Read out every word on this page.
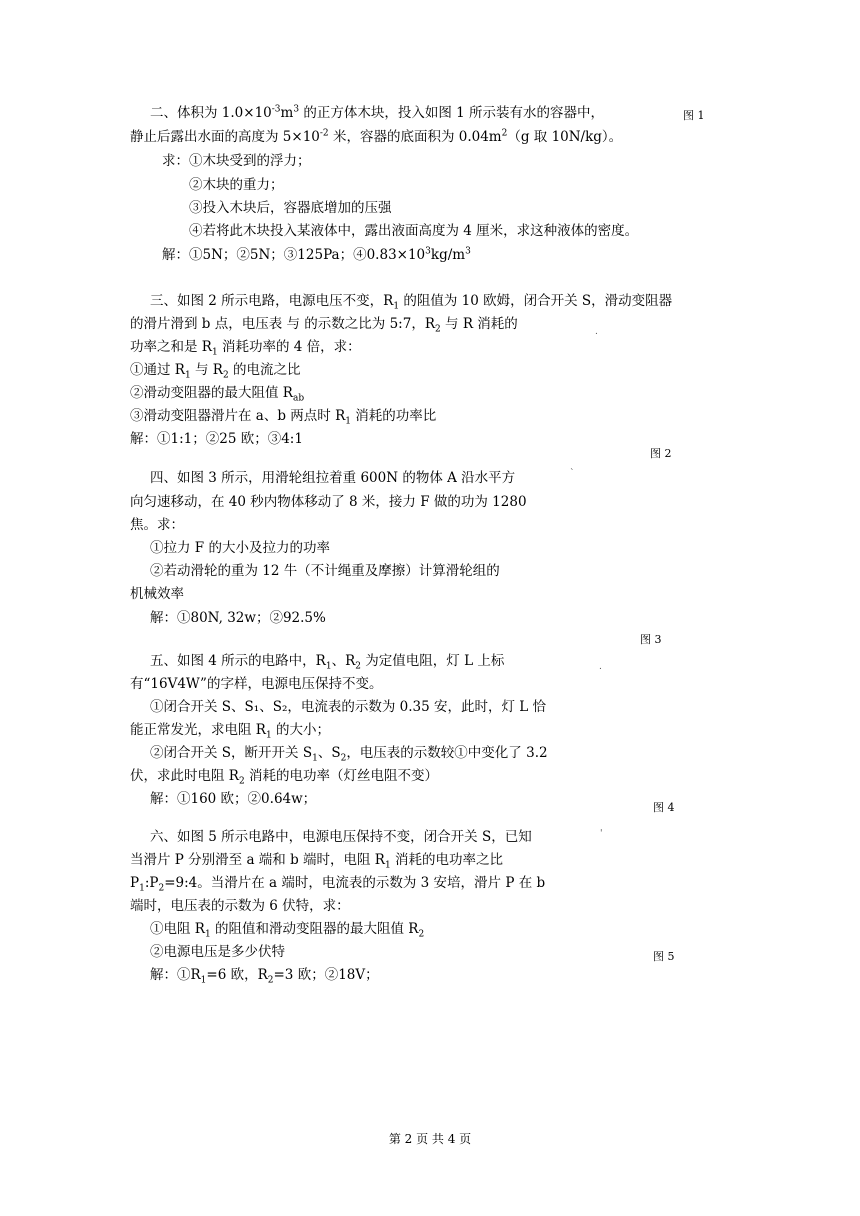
二、体积为 $1.0\times 10^{-3}m^3$ 的正方体木块，投入如图 1 所示装有水的容器中，	图 1
静止后露出水面的高度为 $5\times 10^{-2}$ 米，容器的底面积为 $0.04m^2(g$ 取 10N/kg）。
求：①木块受到的浮力；
②木块的重力；
③投入木块后，容器底增加的压强
④若将此木块投入某液体中，露出液面高度为 4 厘米，求这种液体的密度。
解：①5N；②5N；③125Pa；$④0.83\times 10^3kg/m^3$
三、如图 2 所示电路，电源电压不变，$R_1$ 的阻值为 10 欧姆，闭合开关 S，滑动变阻器
的滑片滑到 b 点，电压表 与 的示数之比为 5:7，$R_2$ 与 R 消耗的	.
功率之和是 $R_1$ 消耗功率的 4 倍，求：
①通过 $R_1$ 与 $R_2$ 的电流之比
②滑动变阻器的最大阻值 $R_{ab}$
③滑动变阻器滑片在 a、b 两点时 $R_1$ 消耗的功率比
解：①1:1；②25 欧；③4:1
图 2
四、如图 3 所示，用滑轮组拉着重 600N 的物体 A 沿水平方	`
向匀速移动，在 40 秒内物体移动了 8 米，接力 F 做的功为 1280
焦。求：
①拉力 F 的大小及拉力的功率
②若动滑轮的重为 12 牛（不计绳重及摩擦）计算滑轮组的
机械效率
解：①80N, 32w；②92.5%
图 3
五、如图 4 所示的电路中，$R_1$、$R_2$ 为定值电阻，灯 L 上标	.
有“16V4W”的字样，电源电压保持不变。
①闭合开关 S、S₁、S₂，电流表的示数为 0.35 安，此时，灯 L 恰
能正常发光，求电阻 $R_1$ 的大小；
②闭合开关 S，断开开关 $S_1$、$S_2$，电压表的示数较①中变化了 3.2
伏，求此时电阻 $R_2$ 消耗的电功率（灯丝电阻不变）
解：①160 欧；②0.64w；
图 4
六、如图 5 所示电路中，电源电压保持不变，闭合开关 S，已知	'
当滑片 P 分别滑至 a 端和 b 端时，电阻 $R_1$ 消耗的电功率之比
$P_1:P_2=9:4$。当滑片在 a 端时，电流表的示数为 3 安培，滑片 P 在 b
端时，电压表的示数为 6 伏特，求：
①电阻 $R_1$ 的阻值和滑动变阻器的最大阻值 $R_2$
②电源电压是多少伏特	图 5
解：$①R_1=6$ 欧，$R_2=3$ 欧；②18V；
第 2 页 共 4 页
